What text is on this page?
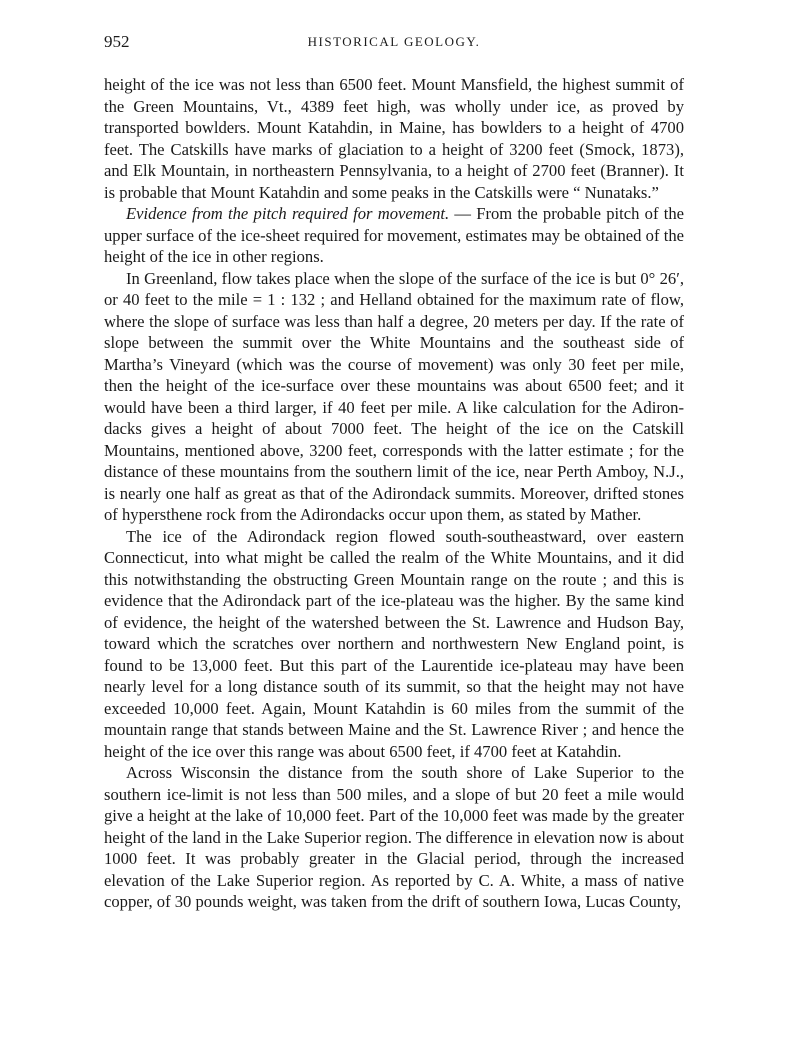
952	HISTORICAL GEOLOGY.

height of the ice was not less than 6500 feet. Mount Mansfield, the highest summit of the Green Mountains, Vt., 4389 feet high, was wholly under ice, as proved by transported bowlders. Mount Katahdin, in Maine, has bowlders to a height of 4700 feet. The Catskills have marks of glaciation to a height of 3200 feet (Smock, 1873), and Elk Mountain, in northeastern Pennsylvania, to a height of 2700 feet (Branner). It is probable that Mount Katahdin and some peaks in the Catskills were “ Nunataks.”

Evidence from the pitch required for movement. — From the probable pitch of the upper surface of the ice-sheet required for movement, estimates may be obtained of the height of the ice in other regions.

In Greenland, flow takes place when the slope of the surface of the ice is but 0° 26′, or 40 feet to the mile = 1 : 132 ; and Helland obtained for the maximum rate of flow, where the slope of surface was less than half a degree, 20 meters per day. If the rate of slope between the summit over the White Mountains and the southeast side of Martha’s Vineyard (which was the course of movement) was only 30 feet per mile, then the height of the ice-surface over these mountains was about 6500 feet; and it would have been a third larger, if 40 feet per mile. A like calculation for the Adirondacks gives a height of about 7000 feet. The height of the ice on the Catskill Mountains, mentioned above, 3200 feet, corresponds with the latter estimate ; for the distance of these mountains from the southern limit of the ice, near Perth Amboy, N.J., is nearly one half as great as that of the Adirondack summits. Moreover, drifted stones of hypersthene rock from the Adirondacks occur upon them, as stated by Mather.

The ice of the Adirondack region flowed south-southeastward, over eastern Connecticut, into what might be called the realm of the White Mountains, and it did this notwithstanding the obstructing Green Mountain range on the route ; and this is evidence that the Adirondack part of the ice-plateau was the higher. By the same kind of evidence, the height of the watershed between the St. Lawrence and Hudson Bay, toward which the scratches over northern and northwestern New England point, is found to be 13,000 feet. But this part of the Laurentide ice-plateau may have been nearly level for a long distance south of its summit, so that the height may not have exceeded 10,000 feet. Again, Mount Katahdin is 60 miles from the summit of the mountain range that stands between Maine and the St. Lawrence River ; and hence the height of the ice over this range was about 6500 feet, if 4700 feet at Katahdin.

Across Wisconsin the distance from the south shore of Lake Superior to the southern ice-limit is not less than 500 miles, and a slope of but 20 feet a mile would give a height at the lake of 10,000 feet. Part of the 10,000 feet was made by the greater height of the land in the Lake Superior region. The difference in elevation now is about 1000 feet. It was probably greater in the Glacial period, through the increased elevation of the Lake Superior region. As reported by C. A. White, a mass of native copper, of 30 pounds weight, was taken from the drift of southern Iowa, Lucas County,
